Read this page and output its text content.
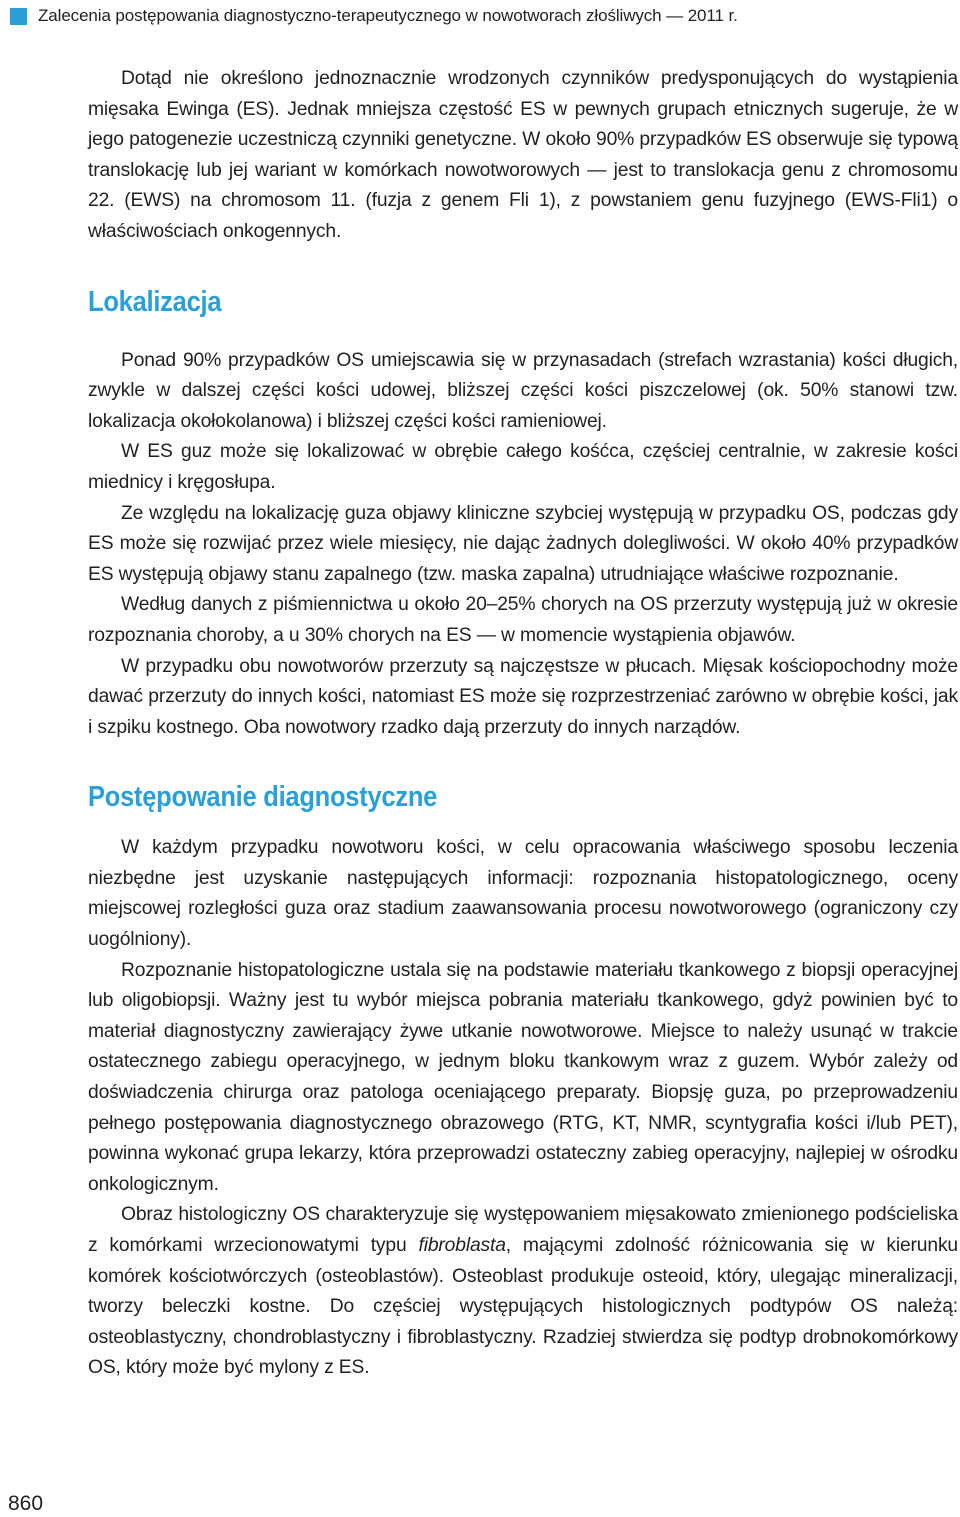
Zalecenia postępowania diagnostyczno-terapeutycznego w nowotworach złośliwych — 2011 r.

Dotąd nie określono jednoznacznie wrodzonych czynników predysponujących do wystąpienia mięsaka Ewinga (ES). Jednak mniejsza częstość ES w pewnych grupach etnicznych sugeruje, że w jego patogenezie uczestniczą czynniki genetyczne. W około 90% przypadków ES obserwuje się typową translokację lub jej wariant w komórkach nowotworowych — jest to translokacja genu z chromosomu 22. (EWS) na chromosom 11. (fuzja z genem Fli 1), z powstaniem genu fuzyjnego (EWS-Fli1) o właściwościach onkogennych.

Lokalizacja

Ponad 90% przypadków OS umiejscawia się w przynasadach (strefach wzrastania) kości długich, zwykle w dalszej części kości udowej, bliższej części kości piszczelowej (ok. 50% stanowi tzw. lokalizacja okołokolanowa) i bliższej części kości ramieniowej.

W ES guz może się lokalizować w obrębie całego kośćca, częściej centralnie, w zakresie kości miednicy i kręgosłupa.

Ze względu na lokalizację guza objawy kliniczne szybciej występują w przypadku OS, podczas gdy ES może się rozwijać przez wiele miesięcy, nie dając żadnych dolegliwości. W około 40% przypadków ES występują objawy stanu zapalnego (tzw. maska zapalna) utrudniające właściwe rozpoznanie.

Według danych z piśmiennictwa u około 20–25% chorych na OS przerzuty występują już w okresie rozpoznania choroby, a u 30% chorych na ES — w momencie wystąpienia objawów.

W przypadku obu nowotworów przerzuty są najczęstsze w płucach. Mięsak kościopochodny może dawać przerzuty do innych kości, natomiast ES może się rozprzestrzeniać zarówno w obrębie kości, jak i szpiku kostnego. Oba nowotwory rzadko dają przerzuty do innych narządów.

Postępowanie diagnostyczne

W każdym przypadku nowotworu kości, w celu opracowania właściwego sposobu leczenia niezbędne jest uzyskanie następujących informacji: rozpoznania histopatologicznego, oceny miejscowej rozległości guza oraz stadium zaawansowania procesu nowotworowego (ograniczony czy uogólniony).

Rozpoznanie histopatologiczne ustala się na podstawie materiału tkankowego z biopsji operacyjnej lub oligobiopsji. Ważny jest tu wybór miejsca pobrania materiału tkankowego, gdyż powinien być to materiał diagnostyczny zawierający żywe utkanie nowotworowe. Miejsce to należy usunąć w trakcie ostatecznego zabiegu operacyjnego, w jednym bloku tkankowym wraz z guzem. Wybór zależy od doświadczenia chirurga oraz patologa oceniającego preparaty. Biopsję guza, po przeprowadzeniu pełnego postępowania diagnostycznego obrazowego (RTG, KT, NMR, scyntygrafia kości i/lub PET), powinna wykonać grupa lekarzy, która przeprowadzi ostateczny zabieg operacyjny, najlepiej w ośrodku onkologicznym.

Obraz histologiczny OS charakteryzuje się występowaniem mięsakowato zmienionego podścieliska z komórkami wrzecionowatymi typu fibroblasta, mającymi zdolność różnicowania się w kierunku komórek kościotwórczych (osteoblastów). Osteoblast produkuje osteoid, który, ulegając mineralizacji, tworzy beleczki kostne. Do częściej występujących histologicznych podtypów OS należą: osteoblastyczny, chondroblastyczny i fibroblastyczny. Rzadziej stwierdza się podtyp drobnokomórkowy OS, który może być mylony z ES.

860
